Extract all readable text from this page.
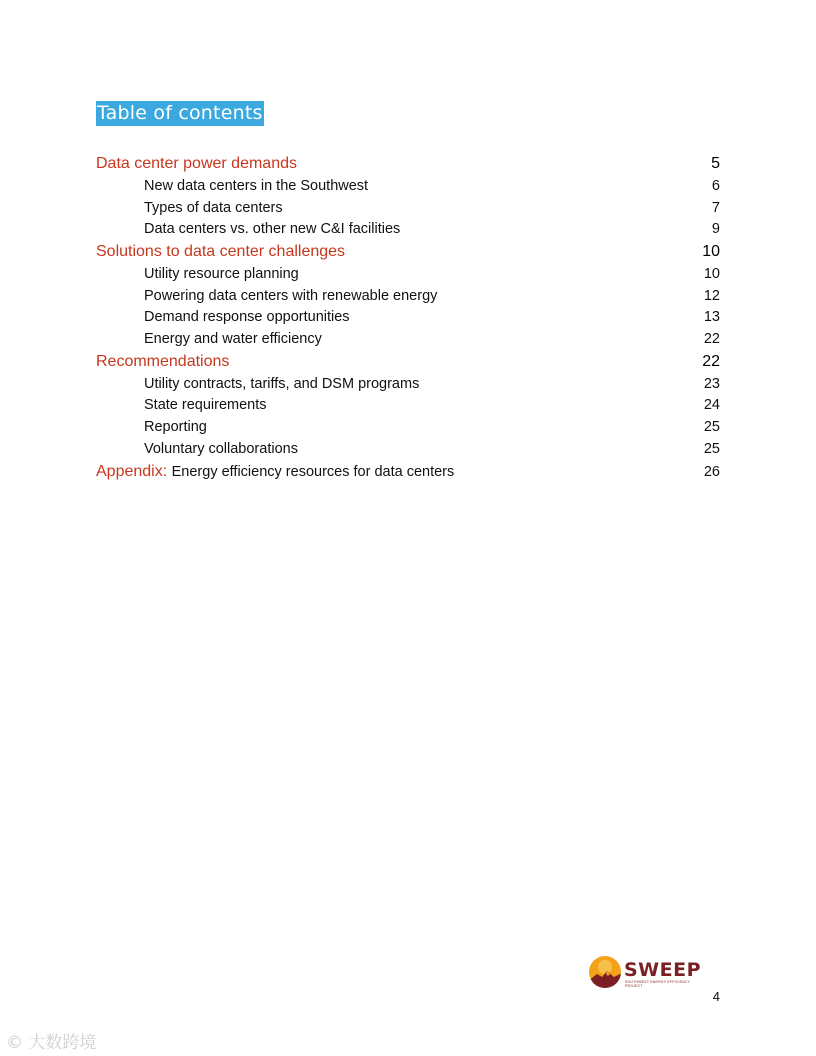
Table of contents
Data center power demands	5
New data centers in the Southwest	6
Types of data centers	7
Data centers vs. other new C&I facilities	9
Solutions to data center challenges	10
Utility resource planning	10
Powering data centers with renewable energy	12
Demand response opportunities	13
Energy and water efficiency	22
Recommendations	22
Utility contracts, tariffs, and DSM programs	23
State requirements	24
Reporting	25
Voluntary collaborations	25
Appendix: Energy efficiency resources for data centers	26
SWEEP
SOUTHWEST ENERGY EFFICIENCY PROJECT
4
© 大数跨境
